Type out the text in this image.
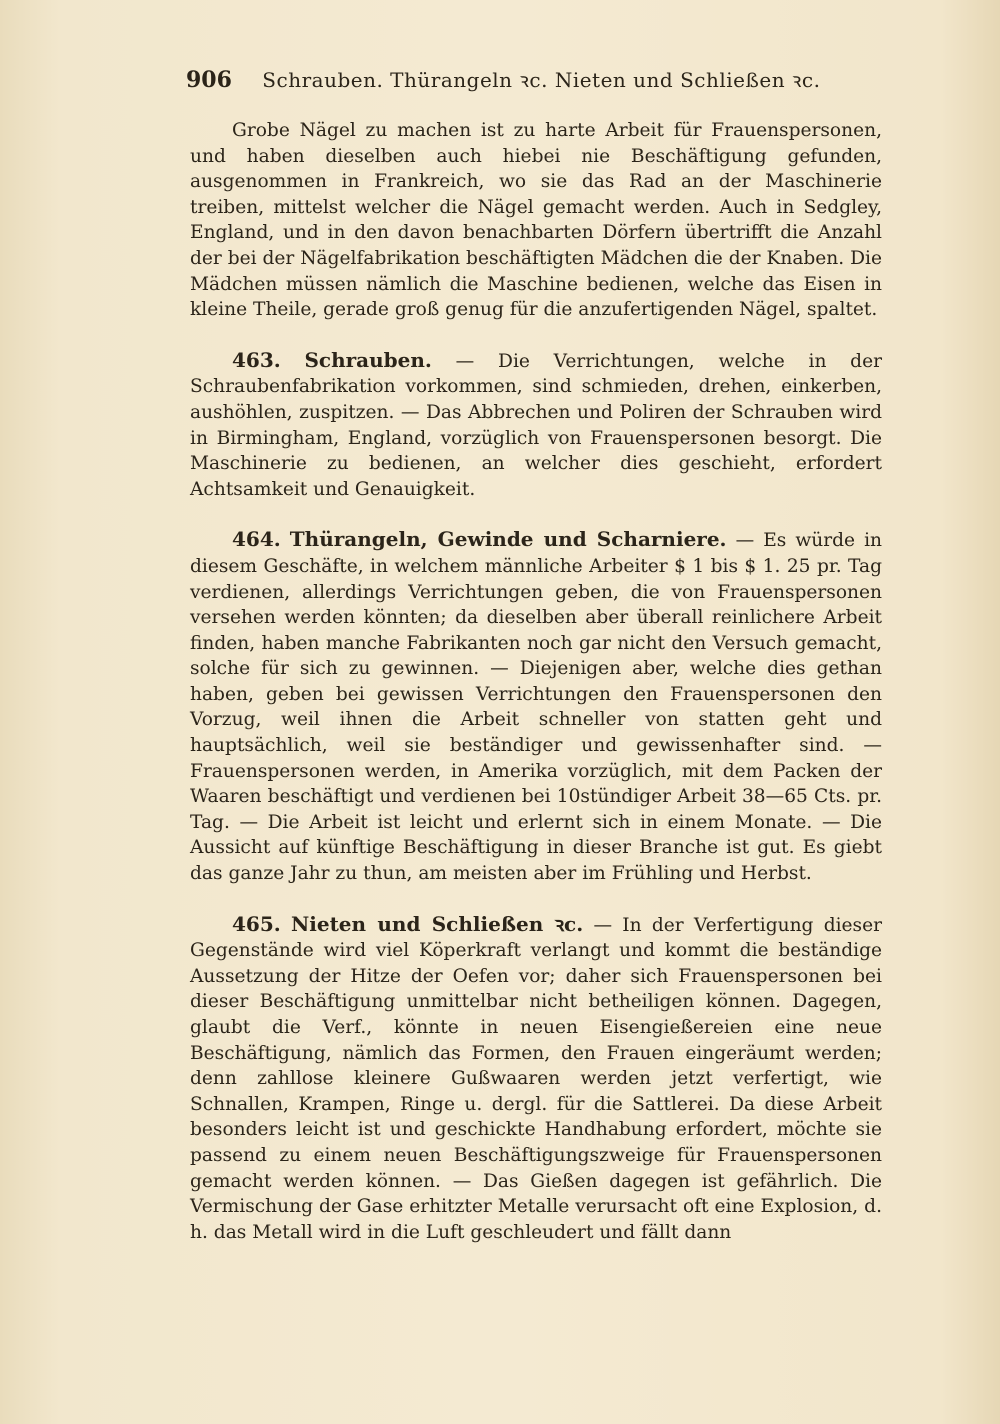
906 Schrauben. Thürangeln ꝛc. Nieten und Schließen ꝛc.

Grobe Nägel zu machen ist zu harte Arbeit für Frauenspersonen, und haben dieselben auch hiebei nie Beschäftigung gefunden, ausgenommen in Frankreich, wo sie das Rad an der Maschinerie treiben, mittelst welcher die Nägel gemacht werden. Auch in Sedgley, England, und in den davon benachbarten Dörfern übertrifft die Anzahl der bei der Nägelfabrikation beschäftigten Mädchen die der Knaben. Die Mädchen müssen nämlich die Maschine bedienen, welche das Eisen in kleine Theile, gerade groß genug für die anzufertigenden Nägel, spaltet.

463. Schrauben. — Die Verrichtungen, welche in der Schraubenfabrikation vorkommen, sind schmieden, drehen, einkerben, aushöhlen, zuspitzen. — Das Abbrechen und Poliren der Schrauben wird in Birmingham, England, vorzüglich von Frauenspersonen besorgt. Die Maschinerie zu bedienen, an welcher dies geschieht, erfordert Achtsamkeit und Genauigkeit.

464. Thürangeln, Gewinde und Scharniere. — Es würde in diesem Geschäfte, in welchem männliche Arbeiter $ 1 bis $ 1. 25 pr. Tag verdienen, allerdings Verrichtungen geben, die von Frauenspersonen versehen werden könnten; da dieselben aber überall reinlichere Arbeit finden, haben manche Fabrikanten noch gar nicht den Versuch gemacht, solche für sich zu gewinnen. — Diejenigen aber, welche dies gethan haben, geben bei gewissen Verrichtungen den Frauenspersonen den Vorzug, weil ihnen die Arbeit schneller von statten geht und hauptsächlich, weil sie beständiger und gewissenhafter sind. — Frauenspersonen werden, in Amerika vorzüglich, mit dem Packen der Waaren beschäftigt und verdienen bei 10stündiger Arbeit 38—65 Cts. pr. Tag. — Die Arbeit ist leicht und erlernt sich in einem Monate. — Die Aussicht auf künftige Beschäftigung in dieser Branche ist gut. Es giebt das ganze Jahr zu thun, am meisten aber im Frühling und Herbst.

465. Nieten und Schließen ꝛc. — In der Verfertigung dieser Gegenstände wird viel Köperkraft verlangt und kommt die beständige Aussetzung der Hitze der Oefen vor; daher sich Frauenspersonen bei dieser Beschäftigung unmittelbar nicht betheiligen können. Dagegen, glaubt die Verf., könnte in neuen Eisengießereien eine neue Beschäftigung, nämlich das Formen, den Frauen eingeräumt werden; denn zahllose kleinere Gußwaaren werden jetzt verfertigt, wie Schnallen, Krampen, Ringe u. dergl. für die Sattlerei. Da diese Arbeit besonders leicht ist und geschickte Handhabung erfordert, möchte sie passend zu einem neuen Beschäftigungszweige für Frauenspersonen gemacht werden können. — Das Gießen dagegen ist gefährlich. Die Vermischung der Gase erhitzter Metalle verursacht oft eine Explosion, d. h. das Metall wird in die Luft geschleudert und fällt dann
